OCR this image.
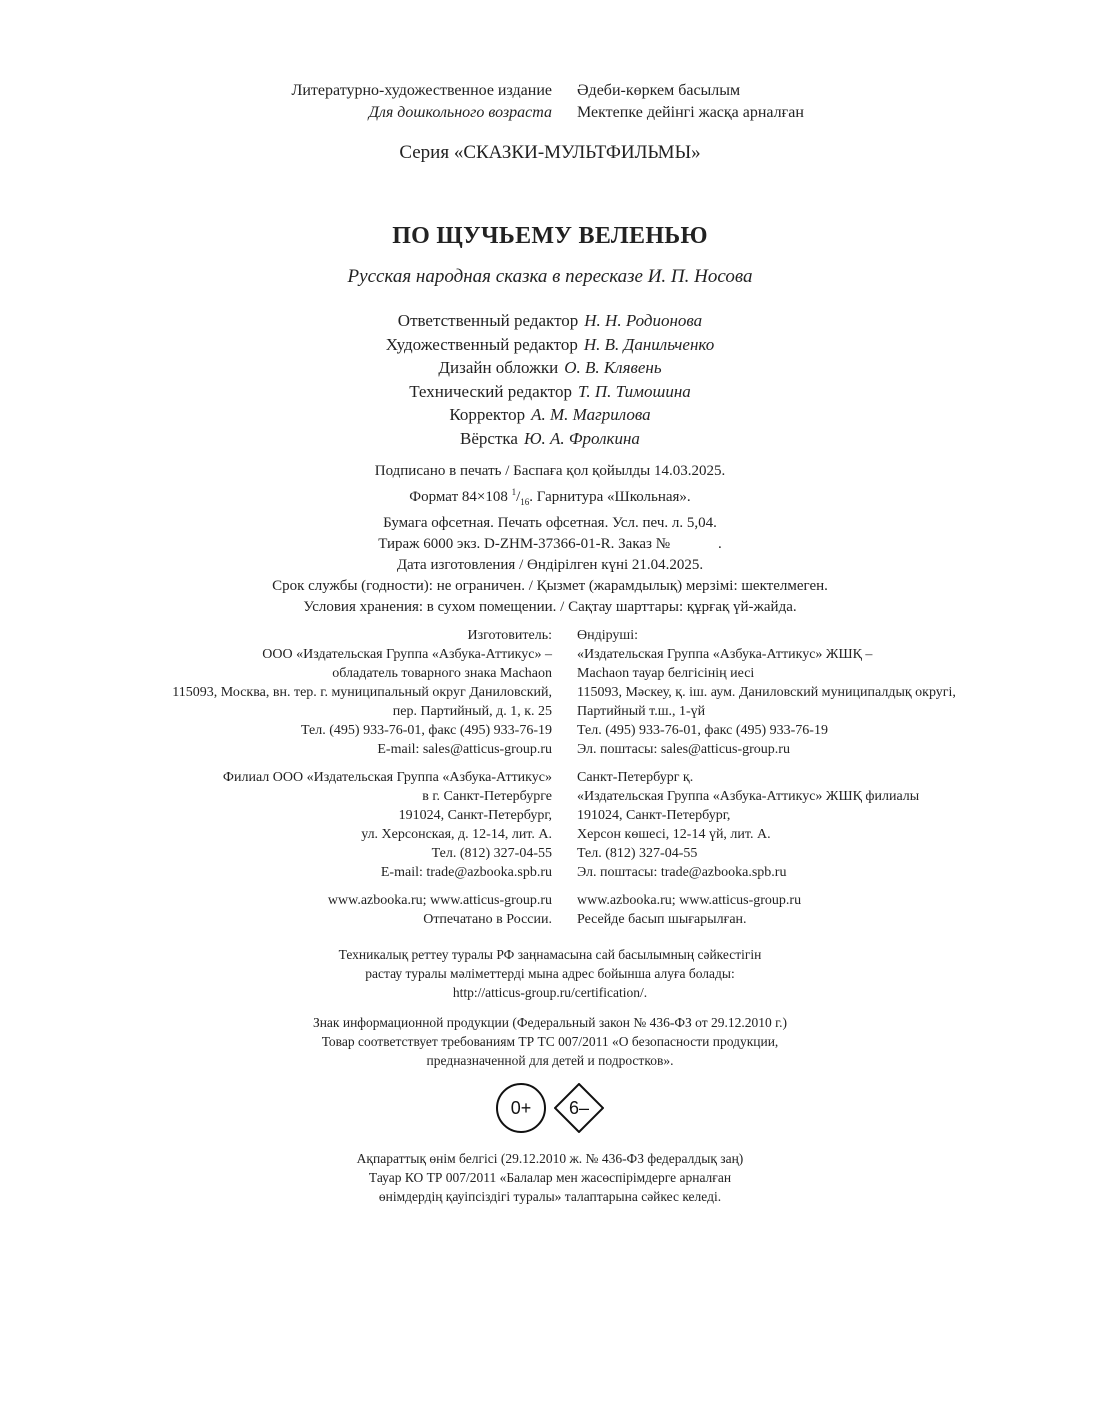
Литературно-художественное издание
Для дошкольного возраста
Әдеби-көркем басылым
Мектепке дейінгі жасқа арналған
Серия «СКАЗКИ-МУЛЬТФИЛЬМЫ»
ПО ЩУЧЬЕМУ ВЕЛЕНЬЮ
Русская народная сказка в пересказе И. П. Носова
Ответственный редактор Н. Н. Родионова
Художественный редактор Н. В. Данильченко
Дизайн обложки О. В. Клявень
Технический редактор Т. П. Тимошина
Корректор А. М. Магрилова
Вёрстка Ю. А. Фролкина
Подписано в печать / Баспаға қол қойылды 14.03.2025.
Формат 84×108 $^1/_{16}$. Гарнитура «Школьная».
Бумага офсетная. Печать офсетная. Усл. печ. л. 5,04.
Тираж 6000 экз. D-ZHM-37366-01-R. Заказ №	.
Дата изготовления / Өндірілген күні 21.04.2025.
Срок службы (годности): не ограничен. / Қызмет (жарамдылық) мерзімі: шектелмеген.
Условия хранения: в сухом помещении. / Сақтау шарттары: құрғақ үй-жайда.
Изготовитель:
ООО «Издательская Группа «Азбука-Аттикус» –
обладатель товарного знака Machaon
115093, Москва, вн. тер. г. муниципальный округ Даниловский,
пер. Партийный, д. 1, к. 25
Тел. (495) 933-76-01, факс (495) 933-76-19
E-mail: sales@atticus-group.ru
Филиал ООО «Издательская Группа «Азбука-Аттикус»
в г. Санкт-Петербурге
191024, Санкт-Петербург,
ул. Херсонская, д. 12-14, лит. А.
Тел. (812) 327-04-55
E-mail: trade@azbooka.spb.ru
www.azbooka.ru; www.atticus-group.ru
Отпечатано в России.
Өндіруші:
«Издательская Группа «Азбука-Аттикус» ЖШҚ –
Machaon тауар белгісінің иесі
115093, Мәскеу, қ. іш. аум. Даниловский муниципалдық округі,
Партийный т.ш., 1-үй
Тел. (495) 933-76-01, факс (495) 933-76-19
Эл. поштасы: sales@atticus-group.ru
Санкт-Петербург қ.
«Издательская Группа «Азбука-Аттикус» ЖШҚ филиалы
191024, Санкт-Петербург,
Херсон көшесі, 12-14 үй, лит. А.
Тел. (812) 327-04-55
Эл. поштасы: trade@azbooka.spb.ru
www.azbooka.ru; www.atticus-group.ru
Ресейде басып шығарылған.
Техникалық реттеу туралы РФ заңнамасына сай басылымның сәйкестігін
растау туралы мәліметтерді мына адрес бойынша алуға болады:
http://atticus-group.ru/certification/.
Знак информационной продукции (Федеральный закон № 436-ФЗ от 29.12.2010 г.)
Товар соответствует требованиям ТР ТС 007/2011 «О безопасности продукции,
предназначенной для детей и подростков».
0+ 6–
Ақпараттық өнім белгісі (29.12.2010 ж. № 436-ФЗ федералдық заң)
Тауар КО ТР 007/2011 «Балалар мен жасөспірімдерге арналған
өнімдердің қауіпсіздігі туралы» талаптарына сәйкес келеді.
